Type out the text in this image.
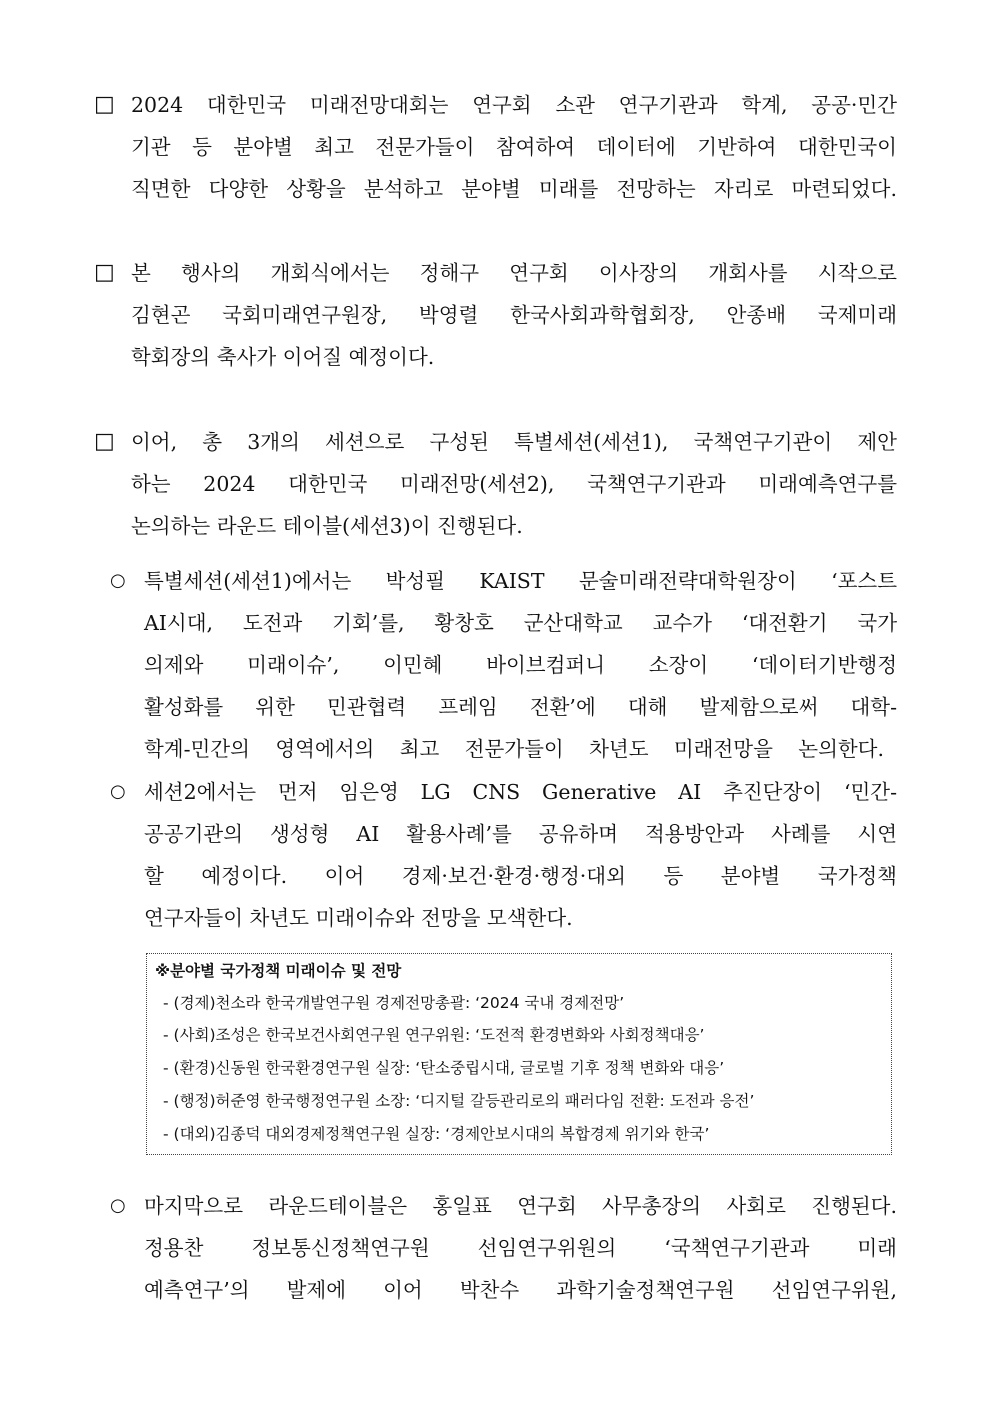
□ 2024 대한민국 미래전망대회는 연구회 소관 연구기관과 학계, 공공·민간
기관 등 분야별 최고 전문가들이 참여하여 데이터에 기반하여 대한민국이
직면한 다양한 상황을 분석하고 분야별 미래를 전망하는 자리로 마련되었다.
□ 본 행사의 개회식에서는 정해구 연구회 이사장의 개회사를 시작으로
김현곤 국회미래연구원장, 박영렬 한국사회과학협회장, 안종배 국제미래
학회장의 축사가 이어질 예정이다.
□ 이어, 총 3개의 세션으로 구성된 특별세션(세션1), 국책연구기관이 제안
하는 2024 대한민국 미래전망(세션2), 국책연구기관과 미래예측연구를
논의하는 라운드 테이블(세션3)이 진행된다.
○ 특별세션(세션1)에서는 박성필 KAIST 문술미래전략대학원장이 ‘포스트
AI시대, 도전과 기회’를, 황창호 군산대학교 교수가 ‘대전환기 국가
의제와 미래이슈’, 이민혜 바이브컴퍼니 소장이 ‘데이터기반행정
활성화를 위한 민관협력 프레임 전환’에 대해 발제함으로써 대학-
학계-민간의 영역에서의 최고 전문가들이 차년도 미래전망을 논의한다.
○ 세션2에서는 먼저 임은영 LG CNS Generative AI 추진단장이 ‘민간-
공공기관의 생성형 AI 활용사례’를 공유하며 적용방안과 사례를 시연
할 예정이다. 이어 경제·보건·환경·행정·대외 등 분야별 국가정책
연구자들이 차년도 미래이슈와 전망을 모색한다.
※분야별 국가정책 미래이슈 및 전망
- (경제)천소라 한국개발연구원 경제전망총괄: ‘2024 국내 경제전망’
- (사회)조성은 한국보건사회연구원 연구위원: ‘도전적 환경변화와 사회정책대응’
- (환경)신동원 한국환경연구원 실장: ‘탄소중립시대, 글로벌 기후 정책 변화와 대응’
- (행정)허준영 한국행정연구원 소장: ‘디지털 갈등관리로의 패러다임 전환: 도전과 응전’
- (대외)김종덕 대외경제정책연구원 실장: ‘경제안보시대의 복합경제 위기와 한국’
○ 마지막으로 라운드테이블은 홍일표 연구회 사무총장의 사회로 진행된다.
정용찬 정보통신정책연구원 선임연구위원의 ‘국책연구기관과 미래
예측연구’의 발제에 이어 박찬수 과학기술정책연구원 선임연구위원,
